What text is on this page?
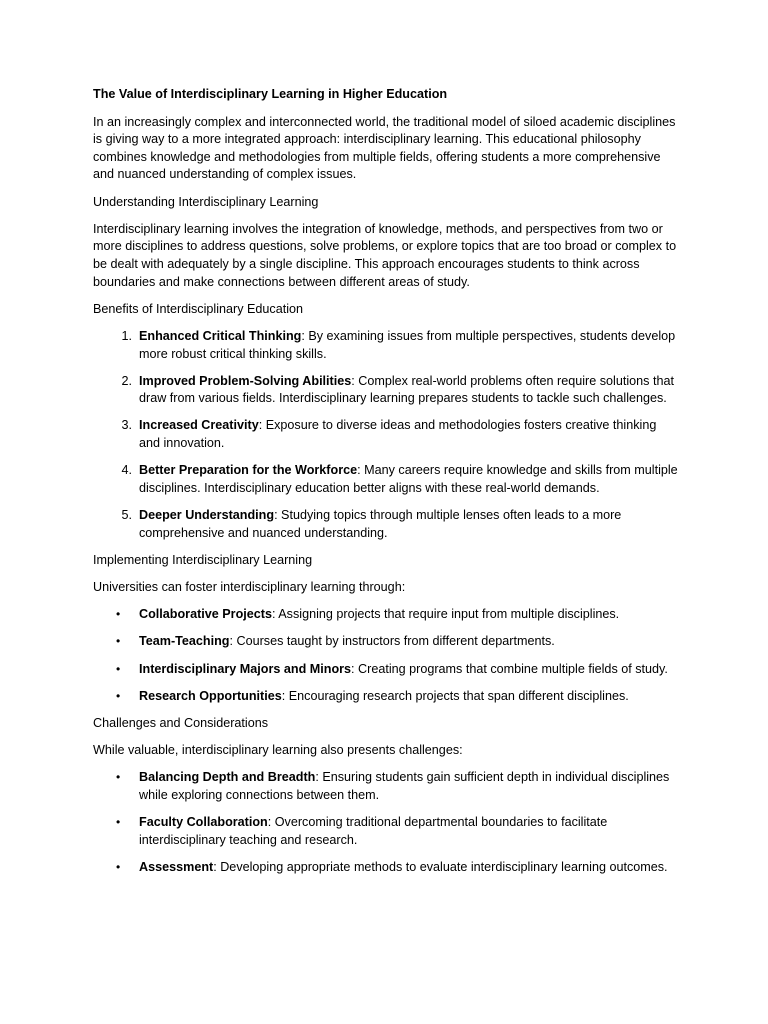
The Value of Interdisciplinary Learning in Higher Education

In an increasingly complex and interconnected world, the traditional model of siloed academic disciplines is giving way to a more integrated approach: interdisciplinary learning. This educational philosophy combines knowledge and methodologies from multiple fields, offering students a more comprehensive and nuanced understanding of complex issues.

Understanding Interdisciplinary Learning

Interdisciplinary learning involves the integration of knowledge, methods, and perspectives from two or more disciplines to address questions, solve problems, or explore topics that are too broad or complex to be dealt with adequately by a single discipline. This approach encourages students to think across boundaries and make connections between different areas of study.

Benefits of Interdisciplinary Education
1. Enhanced Critical Thinking: By examining issues from multiple perspectives, students develop more robust critical thinking skills.
2. Improved Problem-Solving Abilities: Complex real-world problems often require solutions that draw from various fields. Interdisciplinary learning prepares students to tackle such challenges.
3. Increased Creativity: Exposure to diverse ideas and methodologies fosters creative thinking and innovation.
4. Better Preparation for the Workforce: Many careers require knowledge and skills from multiple disciplines. Interdisciplinary education better aligns with these real-world demands.
5. Deeper Understanding: Studying topics through multiple lenses often leads to a more comprehensive and nuanced understanding.
Implementing Interdisciplinary Learning

Universities can foster interdisciplinary learning through:

• Collaborative Projects: Assigning projects that require input from multiple disciplines.
• Team-Teaching: Courses taught by instructors from different departments.
• Interdisciplinary Majors and Minors: Creating programs that combine multiple fields of study.
• Research Opportunities: Encouraging research projects that span different disciplines.
Challenges and Considerations

While valuable, interdisciplinary learning also presents challenges:

• Balancing Depth and Breadth: Ensuring students gain sufficient depth in individual disciplines while exploring connections between them.
• Faculty Collaboration: Overcoming traditional departmental boundaries to facilitate interdisciplinary teaching and research.
• Assessment: Developing appropriate methods to evaluate interdisciplinary learning outcomes.
